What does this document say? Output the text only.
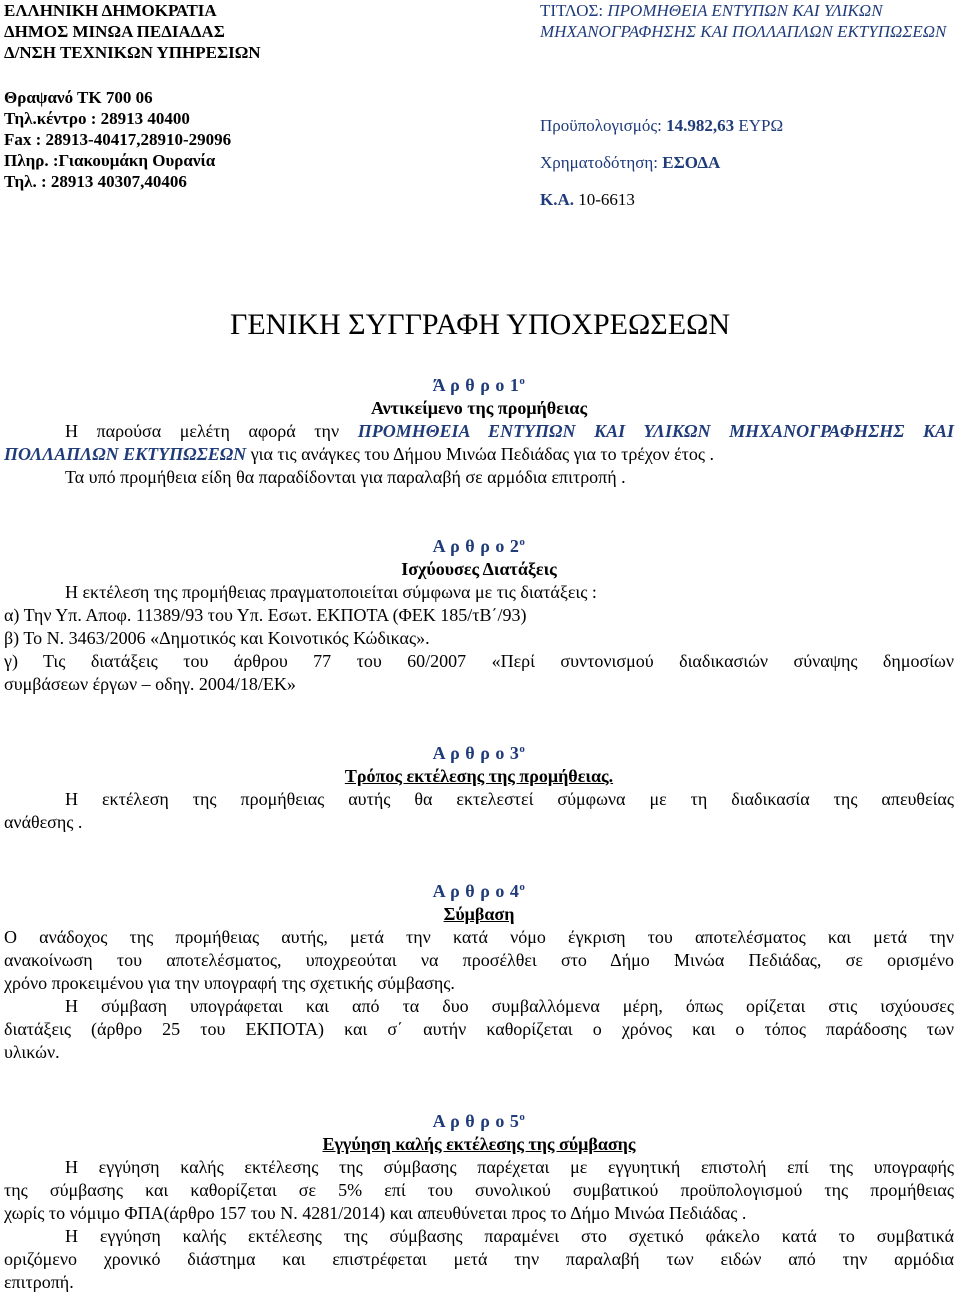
ΕΛΛΗΝΙΚΗ ΔΗΜΟΚΡΑΤΙΑ
ΔΗΜΟΣ ΜΙΝΩΑ ΠΕΔΙΑΔΑΣ
Δ/ΝΣΗ ΤΕΧΝΙΚΩΝ ΥΠΗΡΕΣΙΩΝ
Θραψανό ΤΚ 700 06
Τηλ.κέντρο : 28913 40400
Fax : 28913-40417,28910-29096
Πληρ. :Γιακουμάκη Ουρανία
Τηλ. : 28913 40307,40406
ΤΙΤΛΟΣ: ΠΡΟΜΗΘΕΙΑ ΕΝΤΥΠΩΝ ΚΑΙ ΥΛΙΚΩΝ ΜΗΧΑΝΟΓΡΑΦΗΣΗΣ ΚΑΙ ΠΟΛΛΑΠΛΩΝ ΕΚΤΥΠΩΣΕΩΝ
Προϋπολογισμός: 14.982,63 ΕΥΡΩ
Χρηματοδότηση: ΕΣΟΔΑ
Κ.Α. 10-6613
ΓΕΝΙΚΗ ΣΥΓΓΡΑΦΗ ΥΠΟΧΡΕΩΣΕΩΝ

Ά ρ θ ρ ο $1^o$

Αντικείμενο της προμήθειας

Η παρούσα μελέτη αφορά την ΠΡΟΜΗΘΕΙΑ ΕΝΤΥΠΩΝ ΚΑΙ ΥΛΙΚΩΝ ΜΗΧΑΝΟΓΡΑΦΗΣΗΣ ΚΑΙ

ΠΟΛΛΑΠΛΩΝ ΕΚΤΥΠΩΣΕΩΝ για τις ανάγκες του Δήμου Μινώα Πεδιάδας για το τρέχον έτος .

Τα υπό προμήθεια είδη θα παραδίδονται για παραλαβή σε αρμόδια επιτροπή .

Α ρ θ ρ ο $2^o$

Ισχύουσες Διατάξεις

Η εκτέλεση της προμήθειας πραγματοποιείται σύμφωνα με τις διατάξεις :

α) Την Υπ. Αποφ. 11389/93 του Υπ. Εσωτ. ΕΚΠΟΤΑ (ΦΕΚ 185/τΒ΄/93)

β) Το Ν. 3463/2006 «Δημοτικός και Κοινοτικός Κώδικας».

γ) Τις διατάξεις του άρθρου 77 του 60/2007 «Περί συντονισμού διαδικασιών σύναψης δημοσίων

συμβάσεων έργων – οδηγ. 2004/18/ΕΚ»

Α ρ θ ρ ο $3^o$

Τρόπος εκτέλεσης της προμήθειας.

Η εκτέλεση της προμήθειας αυτής θα εκτελεστεί σύμφωνα με τη διαδικασία της απευθείας

ανάθεσης .

Α ρ θ ρ ο $4^o$

Σύμβαση

Ο ανάδοχος της προμήθειας αυτής, μετά την κατά νόμο έγκριση του αποτελέσματος και μετά την

ανακοίνωση του αποτελέσματος, υποχρεούται να προσέλθει στο Δήμο Μινώα Πεδιάδας, σε ορισμένο

χρόνο προκειμένου για την υπογραφή της σχετικής σύμβασης.

Η σύμβαση υπογράφεται και από τα δυο συμβαλλόμενα μέρη, όπως ορίζεται στις ισχύουσες

διατάξεις (άρθρο 25 του ΕΚΠΟΤΑ) και σ΄ αυτήν καθορίζεται ο χρόνος και ο τόπος παράδοσης των

υλικών.

Α ρ θ ρ ο $5^o$

Εγγύηση καλής εκτέλεσης της σύμβασης

Η εγγύηση καλής εκτέλεσης της σύμβασης παρέχεται με εγγυητική επιστολή επί της υπογραφής

της σύμβασης και καθορίζεται σε 5% επί του συνολικού συμβατικού προϋπολογισμού της προμήθειας

χωρίς το νόμιμο ΦΠΑ(άρθρο 157 του Ν. 4281/2014) και απευθύνεται προς το Δήμο Μινώα Πεδιάδας .

Η εγγύηση καλής εκτέλεσης της σύμβασης παραμένει στο σχετικό φάκελο κατά το συμβατικά

οριζόμενο χρονικό διάστημα και επιστρέφεται μετά την παραλαβή των ειδών από την αρμόδια

επιτροπή.
